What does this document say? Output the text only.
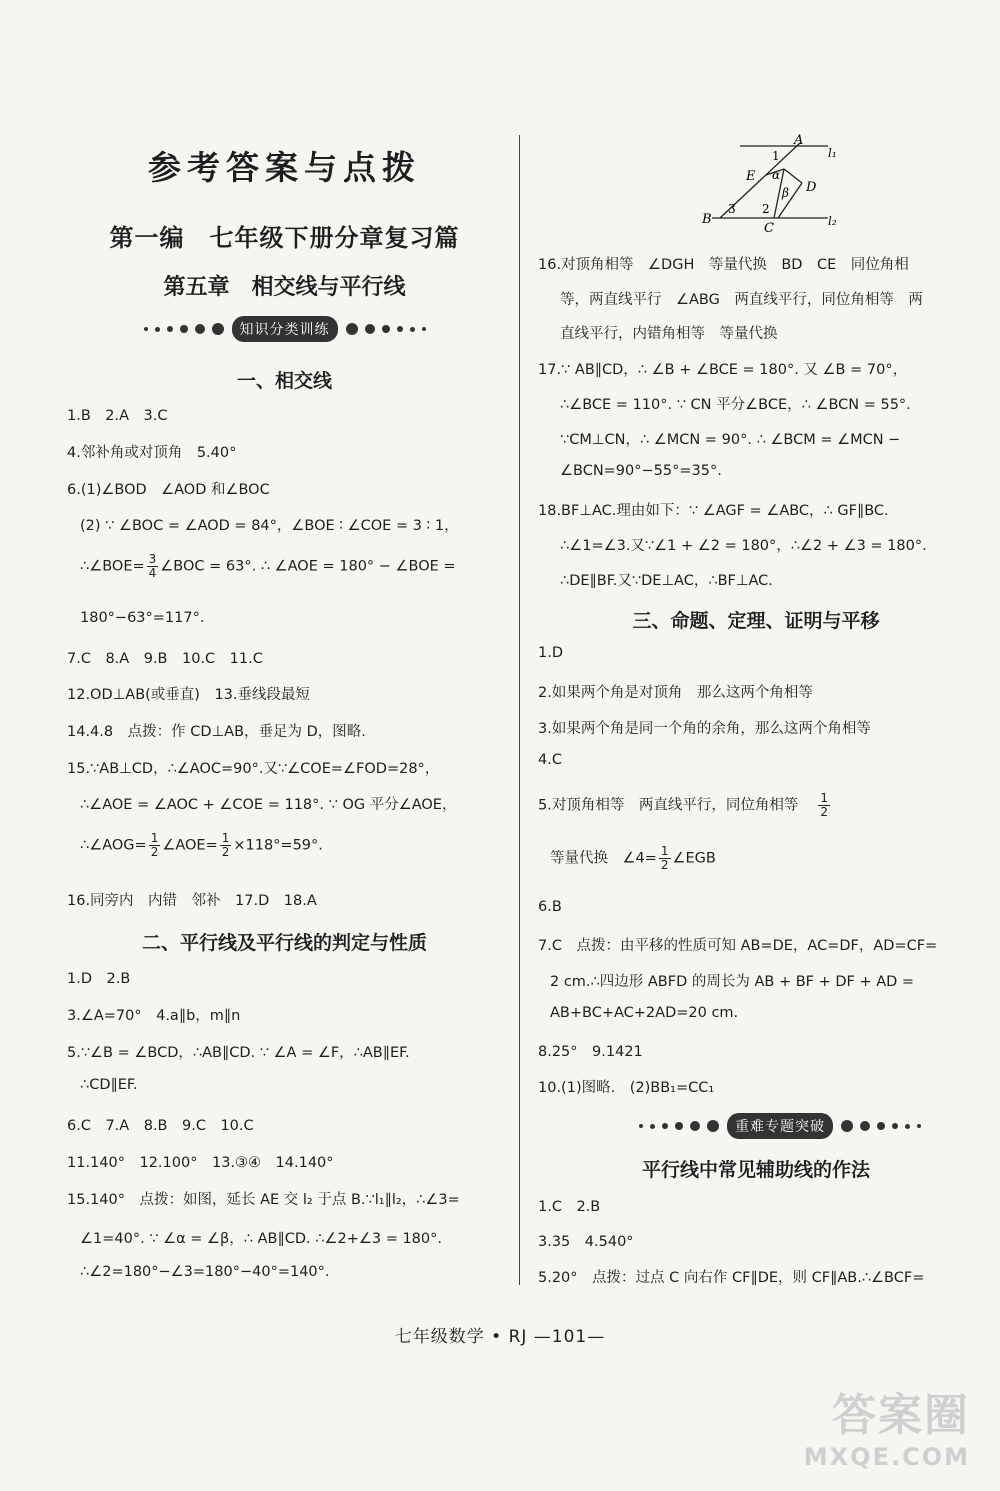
参考答案与点拨
第一编　七年级下册分章复习篇
第五章　相交线与平行线
知识分类训练
一、相交线
1.B　2.A　3.C
4.邻补角或对顶角　5.40°
6.(1)∠BOD　∠AOD 和∠BOC
(2) ∵ ∠BOC = ∠AOD = 84°，∠BOE ∶ ∠COE = 3 ∶ 1，
∴∠BOE= $\frac{3}{4}$ ∠BOC = 63°. ∴ ∠AOE = 180° − ∠BOE =
180°−63°=117°.
7.C　8.A　9.B　10.C　11.C
12.OD⊥AB(或垂直)　13.垂线段最短
14.4.8　点拨：作 CD⊥AB，垂足为 D，图略.
15.∵AB⊥CD，∴∠AOC=90°.又∵∠COE=∠FOD=28°，
∴∠AOE = ∠AOC + ∠COE = 118°. ∵ OG 平分∠AOE，
∴∠AOG= $\frac{1}{2}$ ∠AOE= $\frac{1}{2} \times 118^\circ=59^\circ$.
16.同旁内　内错　邻补　17.D　18.A
二、平行线及平行线的判定与性质
1.D　2.B
3.∠A=70°　4.a∥b，m∥n
5.∵∠B = ∠BCD，∴AB∥CD. ∵ ∠A = ∠F，∴AB∥EF.
∴CD∥EF.
6.C　7.A　8.B　9.C　10.C
11.140°　12.100°　13.③④　14.140°
15.140°　点拨：如图，延长 AE 交 l₂ 于点 B.∵l₁∥l₂，∴∠3=
∠1=40°. ∵ ∠α = ∠β，∴ AB∥CD. ∴∠2+∠3 = 180°.
∴∠2=180°−∠3=180°−40°=140°.
A
l₁
1
E α
β D
B
3 2
C	l₂
16.对顶角相等　∠DGH　等量代换　BD　CE　同位角相
等，两直线平行　∠ABG　两直线平行，同位角相等　两
直线平行，内错角相等　等量代换
17.∵ AB∥CD，∴ ∠B + ∠BCE = 180°. 又 ∠B = 70°，
∴∠BCE = 110°. ∵ CN 平分∠BCE，∴ ∠BCN = 55°.
∵CM⊥CN，∴ ∠MCN = 90°. ∴ ∠BCM = ∠MCN −
∠BCN=90°−55°=35°.
18.BF⊥AC.理由如下：∵ ∠AGF = ∠ABC，∴ GF∥BC.
∴∠1=∠3.又∵∠1 + ∠2 = 180°，∴∠2 + ∠3 = 180°.
∴DE∥BF.又∵DE⊥AC，∴BF⊥AC.
三、命题、定理、证明与平移
1.D
2.如果两个角是对顶角　那么这两个角相等
3.如果两个角是同一个角的余角，那么这两个角相等
4.C
5.对顶角相等　两直线平行，同位角相等 $\frac{1}{2}$
等量代换　∠4= $\frac{1}{2}$ ∠EGB
6.B
7.C　点拨：由平移的性质可知 AB=DE，AC=DF，AD=CF=
2 cm.∴四边形 ABFD 的周长为 AB + BF + DF + AD =
AB+BC+AC+2AD=20 cm.
8.25°　9.1421
10.(1)图略.　(2)BB₁=CC₁
重难专题突破
平行线中常见辅助线的作法
1.C　2.B
3.35　4.540°
5.20°　点拨：过点 C 向右作 CF∥DE，则 CF∥AB.∴∠BCF=
七年级数学 • RJ —101—
答案圈
MXQE.COM
